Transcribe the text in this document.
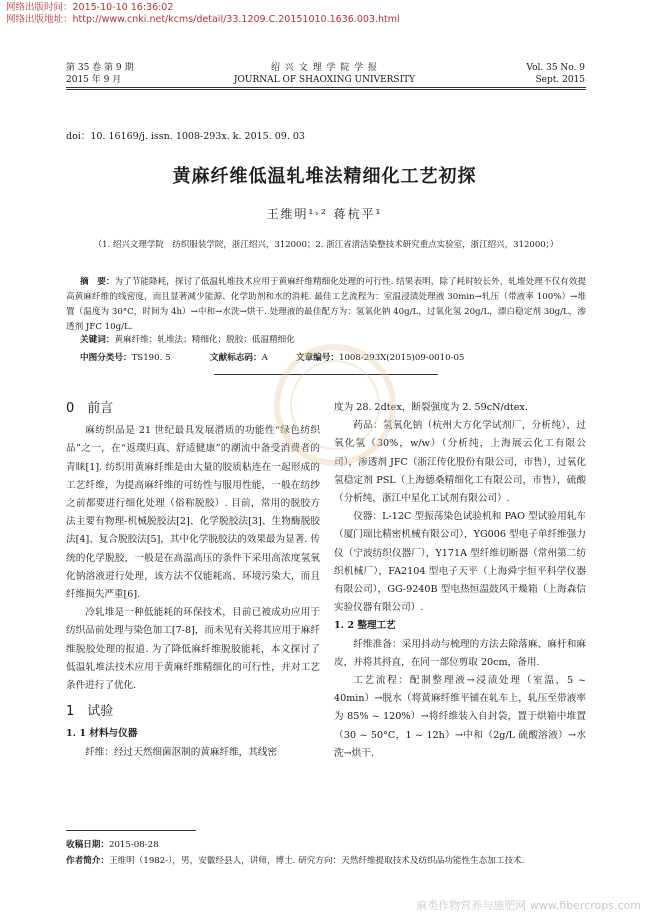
网络出版时间：2015-10-10 16:36:02
网络出版地址：http://www.cnki.net/kcms/detail/33.1209.C.20151010.1636.003.html
第 35 卷 第 9 期
2015 年 9 月
绍 兴 文 理 学 院 学 报
JOURNAL OF SHAOXING UNIVERSITY
Vol. 35 No. 9
Sept. 2015
doi：10. 16169/j. issn. 1008-293x. k. 2015. 09. 03
黄麻纤维低温轧堆法精细化工艺初探
王维明¹˒² 蒋杭平¹
（1. 绍兴文理学院　纺织服装学院，浙江绍兴，312000；2. 浙江省清洁染整技术研究重点实验室，浙江绍兴，312000；）
摘　要：为了节能降耗，探讨了低温轧堆技术应用于黄麻纤维精细化处理的可行性. 结果表明，除了耗时较长外，轧堆处理不仅有效提高黄麻纤维的线密度，而且显著减少能源、化学助剂和水的消耗. 最佳工艺流程为：室温浸渍处理液 30min→轧压（带液率 100%）→堆置（温度为 30°C，时间为 4h）→中和→水洗→烘干. 处理液的最佳配方为：氢氧化钠 40g/L，过氧化氢 20g/L，漂白稳定剂 30g/L，渗透剂 JFC 10g/L.
关键词：黄麻纤维；轧堆法；精细化；脱胶；低温精细化
中图分类号：TS190. 5	文献标志码：A	文章编号：1008-293X(2015)09-0010-05
0　前言

麻纺织品是 21 世纪最具发展潜质的功能性“绿色纺织品”之一，在“返璞归真、舒适健康”的潮流中备受消费者的青睐[1]. 纺织用黄麻纤维是由大量的胶质粘连在一起形成的工艺纤维，为提高麻纤维的可纺性与服用性能，一般在纺纱之前都要进行细化处理（俗称脱胶）. 目前，常用的脱胶方法主要有物理-机械脱胶法[2]、化学脱胶法[3]、生物酶脱胶法[4]、复合脱胶法[5]，其中化学脱胶法的效果最为显著. 传统的化学脱胶，一般是在高温高压的条件下采用高浓度氢氧化钠溶液进行处理，该方法不仅能耗高、环境污染大，而且纤维损失严重[6].

冷轧堆是一种低能耗的环保技术，目前已被成功应用于纺织品前处理与染色加工[7-8]，而未见有关将其应用于麻纤维脱胶处理的报道. 为了降低麻纤维脱胶能耗，本文探讨了低温轧堆法技术应用于黄麻纤维精细化的可行性，并对工艺条件进行了优化.

1　试验
1. 1 材料与仪器

纤维：经过天然细菌沤制的黄麻纤维，其线密

度为 28. 2dtex，断裂强度为 2. 59cN/dtex.

药品：氢氧化钠（杭州大方化学试剂厂，分析纯），过氧化氢（30%，w/w）（分析纯，上海展云化工有限公司），渗透剂 JFC（浙江传化股份有限公司，市售），过氧化氢稳定剂 PSL（上海德桑精细化工有限公司，市售），硫酸（分析纯，浙江中星化工试剂有限公司）.

仪器：L-12C 型振荡染色试验机和 PAO 型试验用轧车（厦门瑞比精密机械有限公司），YG006 型电子单纤维强力仪（宁波纺织仪器厂），Y171A 型纤维切断器（常州第二纺织机械厂），FA2104 型电子天平（上海舜宇恒平科学仪器有限公司），GG-9240B 型电热恒温鼓风干燥箱（上海森信实验仪器有限公司）.

1. 2 整理工艺

纤维准备：采用抖动与梳理的方法去除落麻、麻杆和麻皮，并将其捋直，在同一部位剪取 20cm，备用.

工艺流程：配制整理液→浸渍处理（室温，5 ~ 40min）→脱水（将黄麻纤维平铺在轧车上，轧压至带液率为 85% ~ 120%）→将纤维装入自封袋，置于烘箱中堆置（30 ~ 50°C，1 ~ 12h）→中和（2g/L 硫酸溶液）→水洗→烘干.

收稿日期：2015-08-28
作者简介：王维明（1982-），男，安徽经县人，讲师，博士. 研究方向：天然纤维提取技术及纺织品功能性生态加工技术.
麻类作物营养与施肥网 www.fibercrops.com
